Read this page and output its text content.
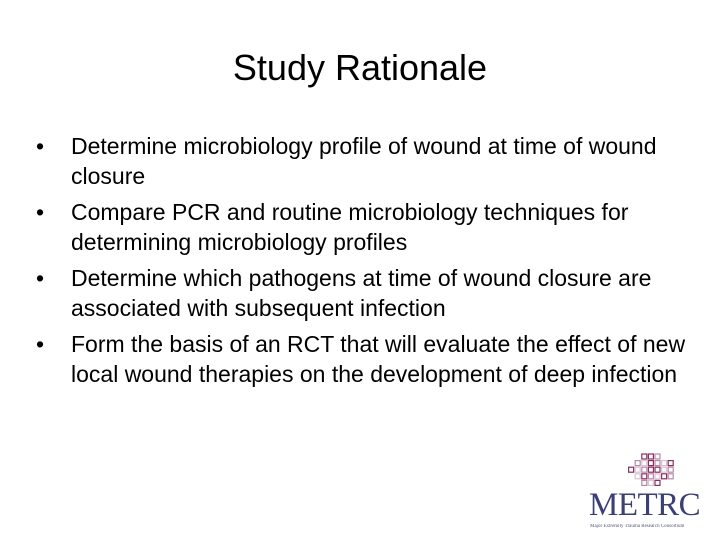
Study Rationale
•	Determine microbiology profile of wound at time of wound closure
•	Compare PCR and routine microbiology techniques for determining microbiology profiles
•	Determine which pathogens at time of wound closure are associated with subsequent infection
•	Form the basis of an RCT that will evaluate the effect of new local wound therapies on the development of deep infection
METRC
Major Extremity Trauma Research Consortium
